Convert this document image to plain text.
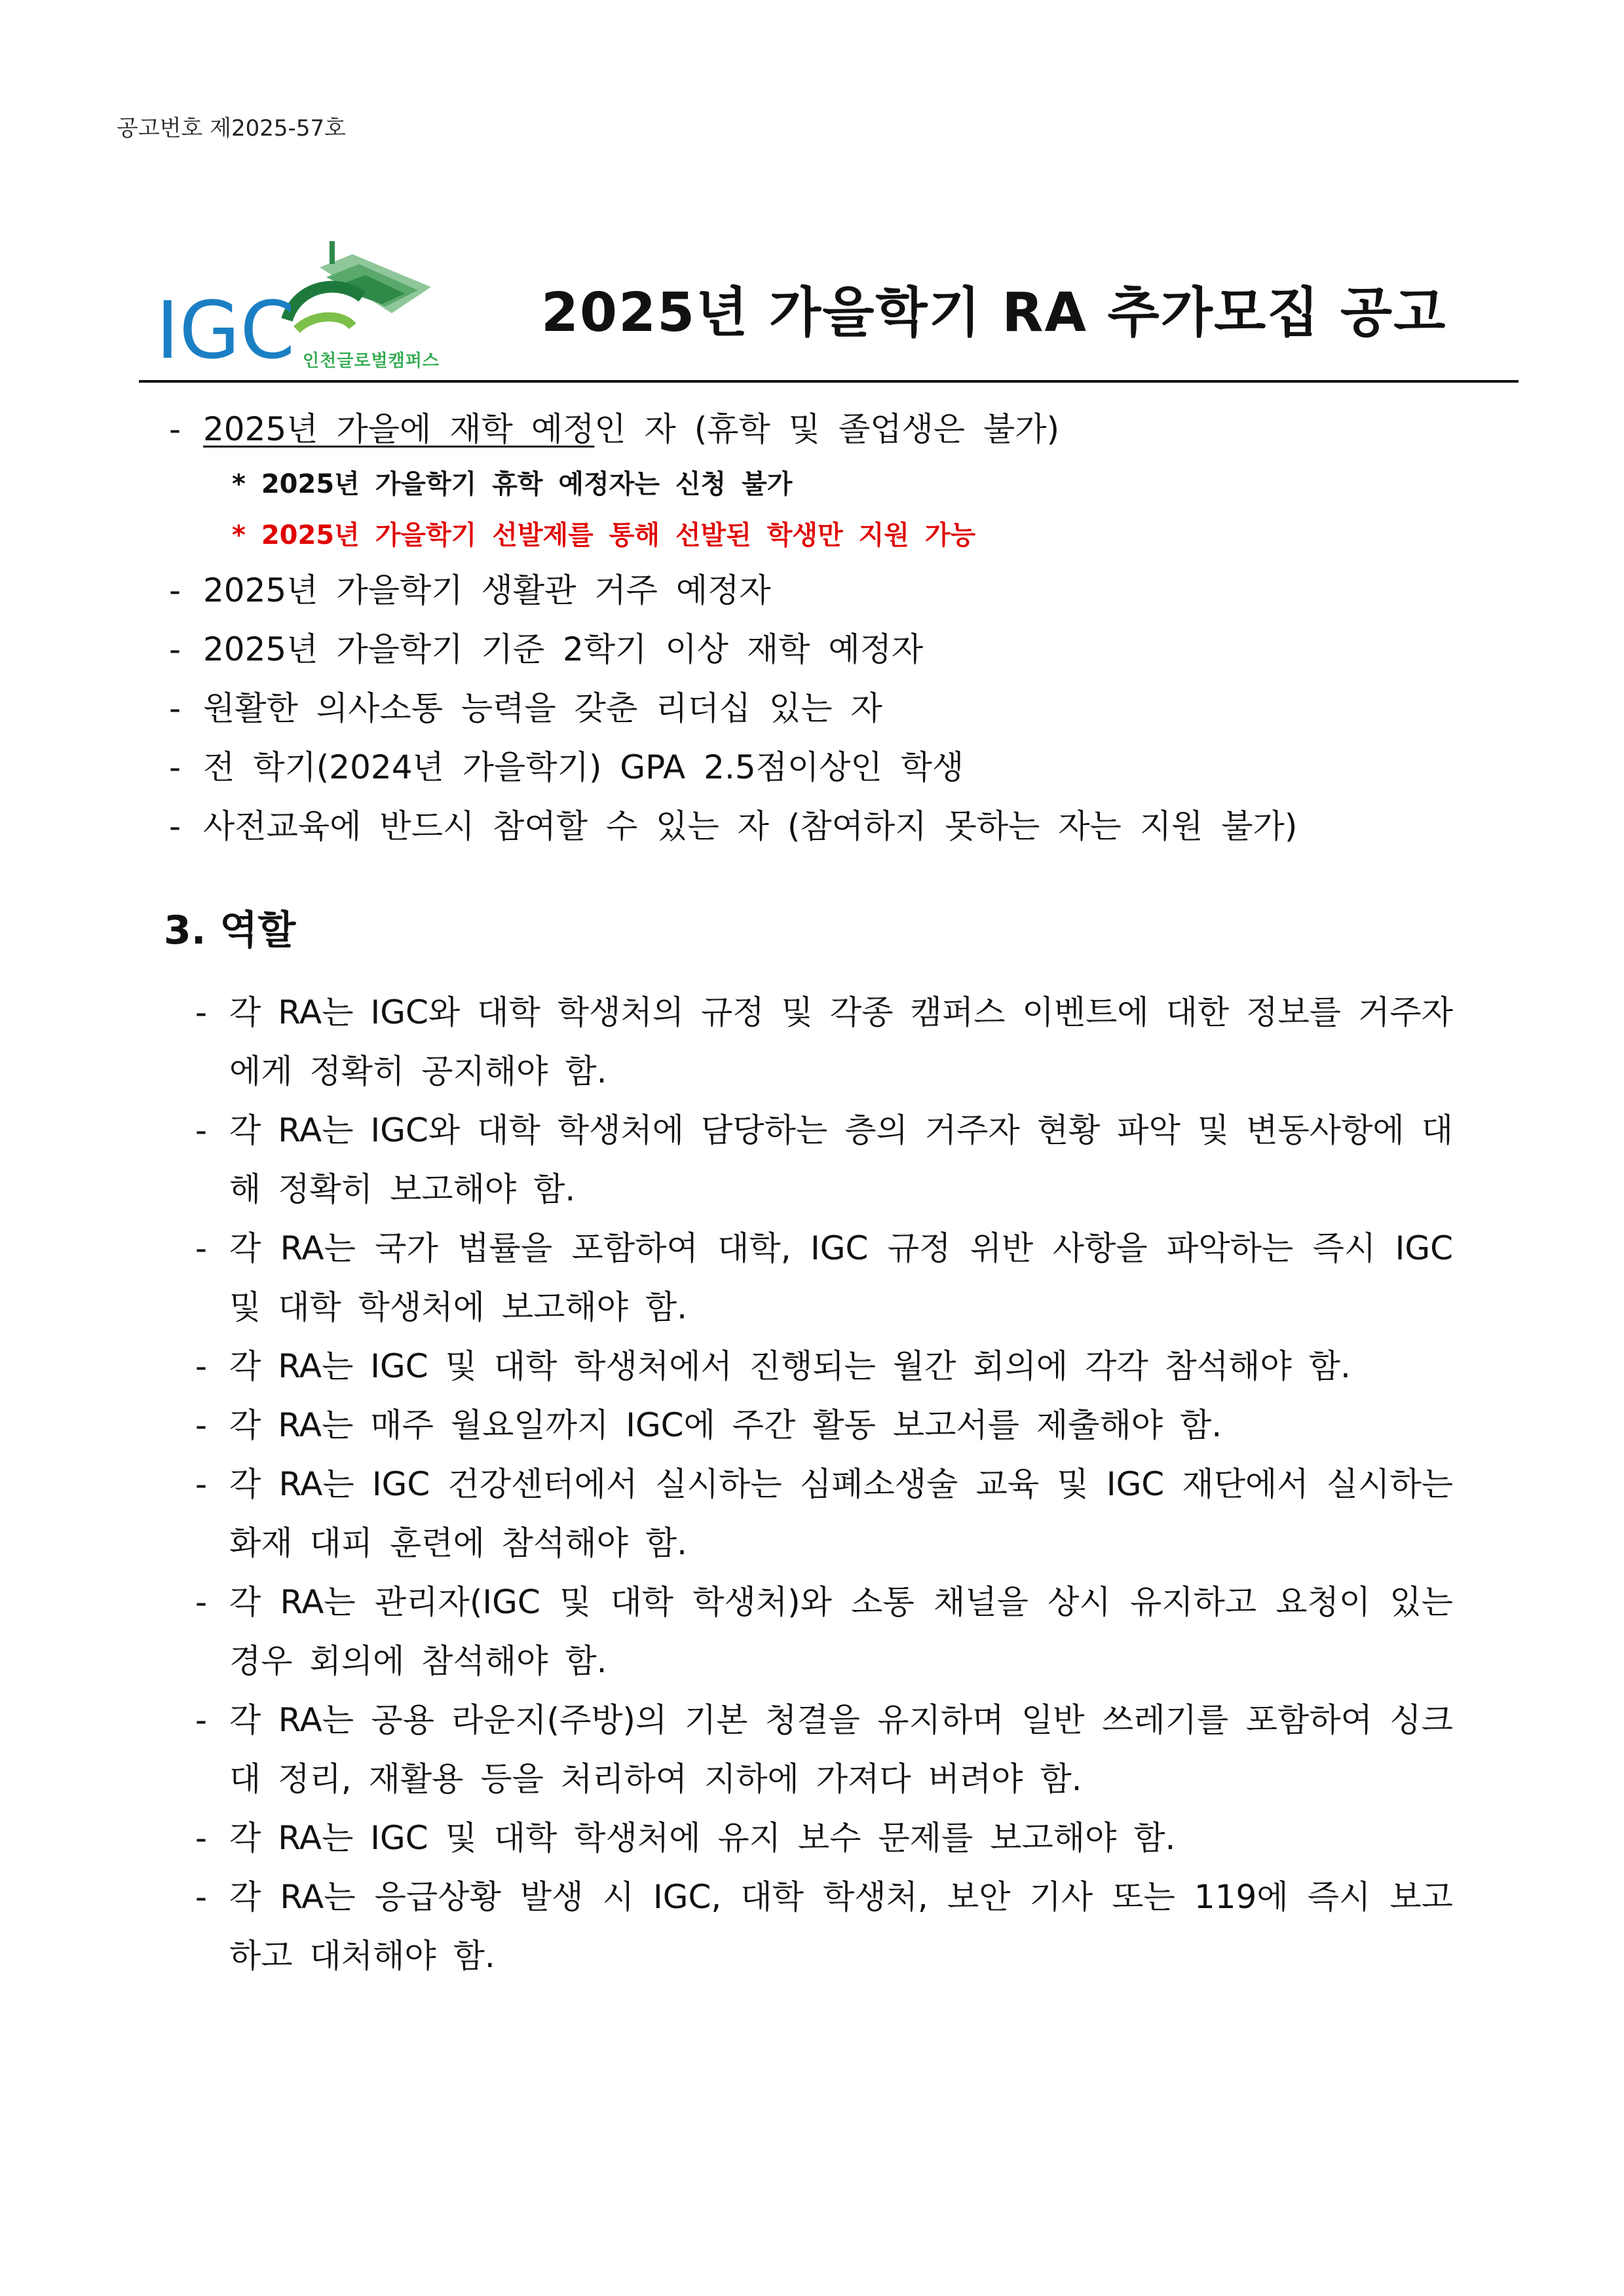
공고번호 제2025-57호
IGC 인천글로벌캠퍼스
2025년 가을학기 RA 추가모집 공고
- 2025년 가을에 재학 예정인 자 (휴학 및 졸업생은 불가)
* 2025년 가을학기 휴학 예정자는 신청 불가
* 2025년 가을학기 선발제를 통해 선발된 학생만 지원 가능
- 2025년 가을학기 생활관 거주 예정자
- 2025년 가을학기 기준 2학기 이상 재학 예정자
- 원활한 의사소통 능력을 갖춘 리더십 있는 자
- 전 학기(2024년 가을학기) GPA 2.5점이상인 학생
- 사전교육에 반드시 참여할 수 있는 자 (참여하지 못하는 자는 지원 불가)
3. 역할
- 각 RA는 IGC와 대학 학생처의 규정 및 각종 캠퍼스 이벤트에 대한 정보를 거주자에게 정확히 공지해야 함.
- 각 RA는 IGC와 대학 학생처에 담당하는 층의 거주자 현황 파악 및 변동사항에 대해 정확히 보고해야 함.
- 각 RA는 국가 법률을 포함하여 대학, IGC 규정 위반 사항을 파악하는 즉시 IGC 및 대학 학생처에 보고해야 함.
- 각 RA는 IGC 및 대학 학생처에서 진행되는 월간 회의에 각각 참석해야 함.
- 각 RA는 매주 월요일까지 IGC에 주간 활동 보고서를 제출해야 함.
- 각 RA는 IGC 건강센터에서 실시하는 심폐소생술 교육 및 IGC 재단에서 실시하는 화재 대피 훈련에 참석해야 함.
- 각 RA는 관리자(IGC 및 대학 학생처)와 소통 채널을 상시 유지하고 요청이 있는 경우 회의에 참석해야 함.
- 각 RA는 공용 라운지(주방)의 기본 청결을 유지하며 일반 쓰레기를 포함하여 싱크대 정리, 재활용 등을 처리하여 지하에 가져다 버려야 함.
- 각 RA는 IGC 및 대학 학생처에 유지 보수 문제를 보고해야 함.
- 각 RA는 응급상황 발생 시 IGC, 대학 학생처, 보안 기사 또는 119에 즉시 보고하고 대처해야 함.
